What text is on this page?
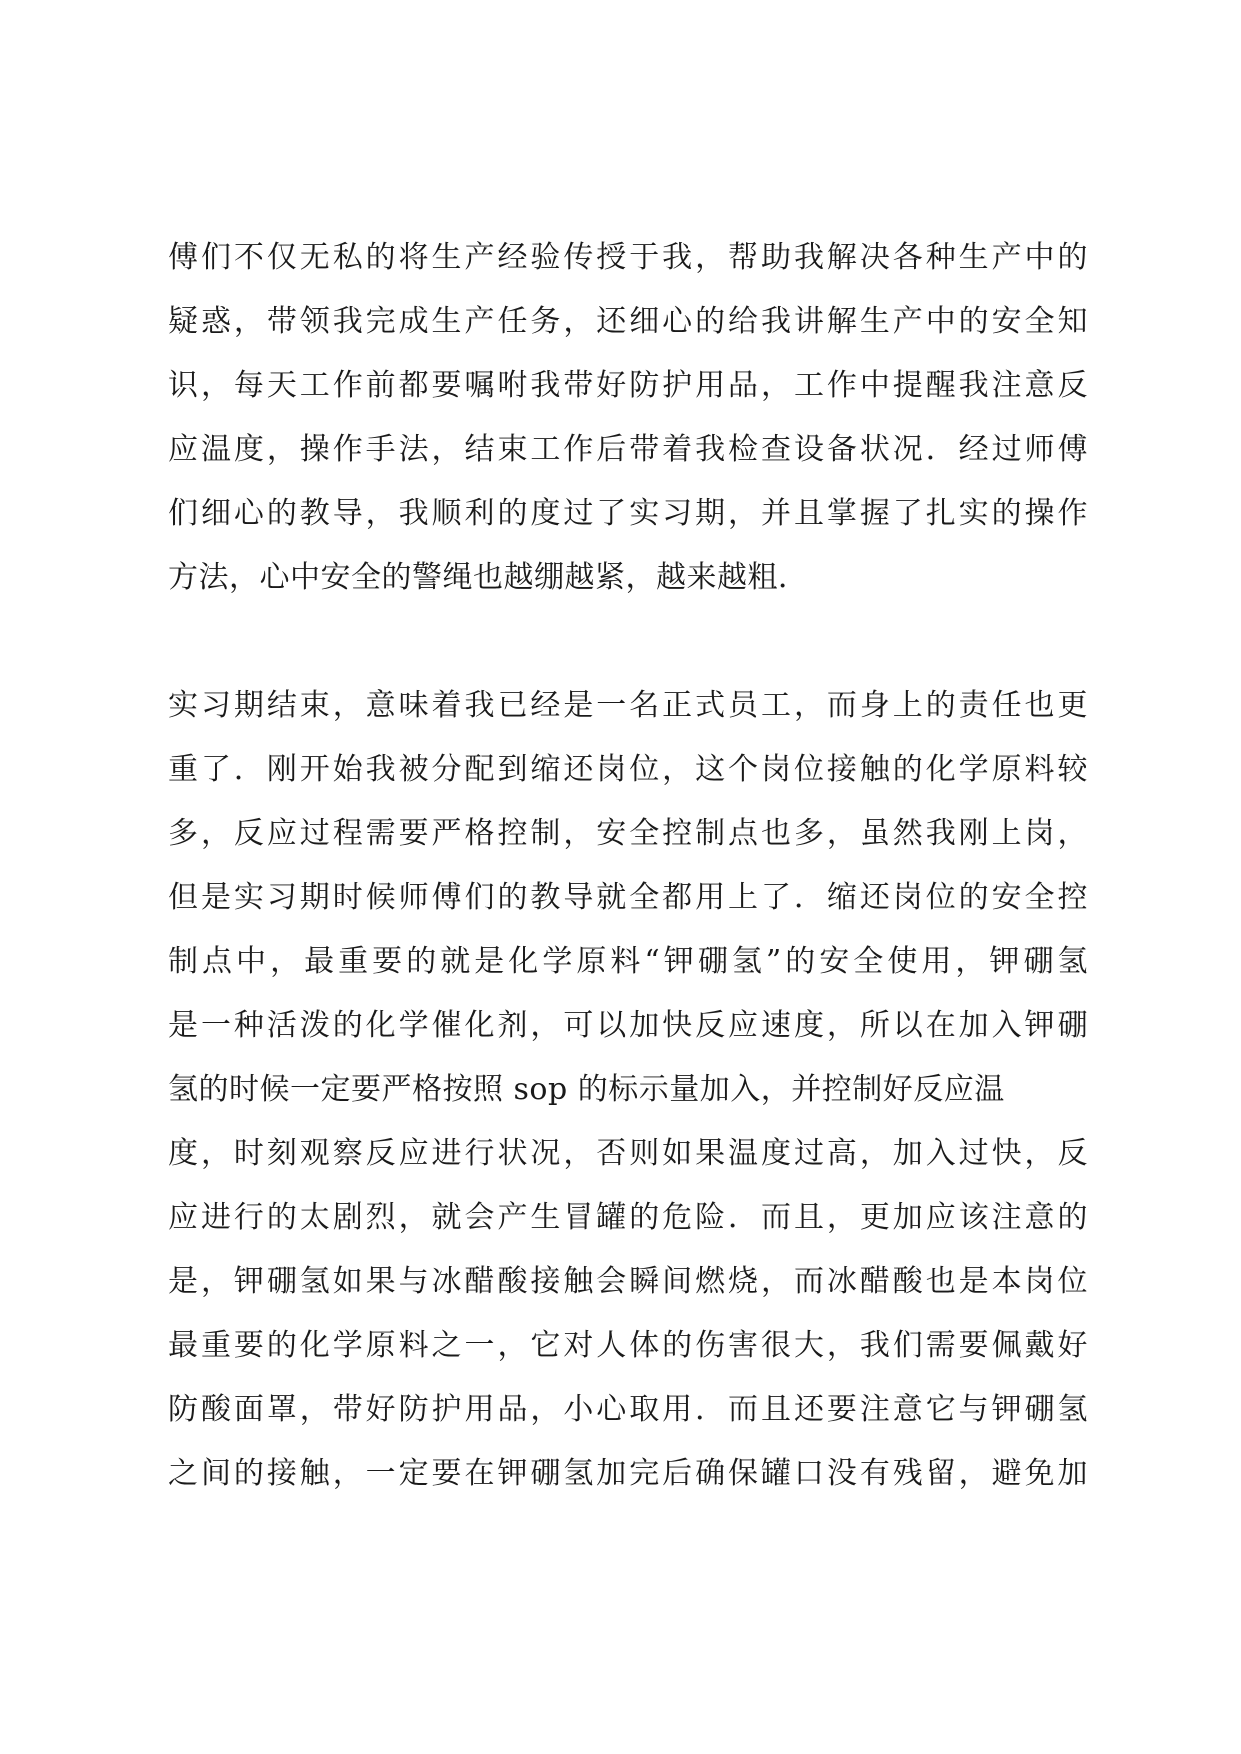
傅们不仅无私的将生产经验传授于我，帮助我解决各种生产中的
疑惑，带领我完成生产任务，还细心的给我讲解生产中的安全知
识，每天工作前都要嘱咐我带好防护用品，工作中提醒我注意反
应温度，操作手法，结束工作后带着我检查设备状况．经过师傅
们细心的教导，我顺利的度过了实习期，并且掌握了扎实的操作
方法，心中安全的警绳也越绷越紧，越来越粗．
实习期结束，意味着我已经是一名正式员工，而身上的责任也更
重了．刚开始我被分配到缩还岗位，这个岗位接触的化学原料较
多，反应过程需要严格控制，安全控制点也多，虽然我刚上岗，
但是实习期时候师傅们的教导就全都用上了．缩还岗位的安全控
制点中，最重要的就是化学原料“钾硼氢”的安全使用，钾硼氢
是一种活泼的化学催化剂，可以加快反应速度，所以在加入钾硼
氢的时候一定要严格按照 sop 的标示量加入，并控制好反应温
度，时刻观察反应进行状况，否则如果温度过高，加入过快，反
应进行的太剧烈，就会产生冒罐的危险．而且，更加应该注意的
是，钾硼氢如果与冰醋酸接触会瞬间燃烧，而冰醋酸也是本岗位
最重要的化学原料之一，它对人体的伤害很大，我们需要佩戴好
防酸面罩，带好防护用品，小心取用．而且还要注意它与钾硼氢
之间的接触，一定要在钾硼氢加完后确保罐口没有残留，避免加
